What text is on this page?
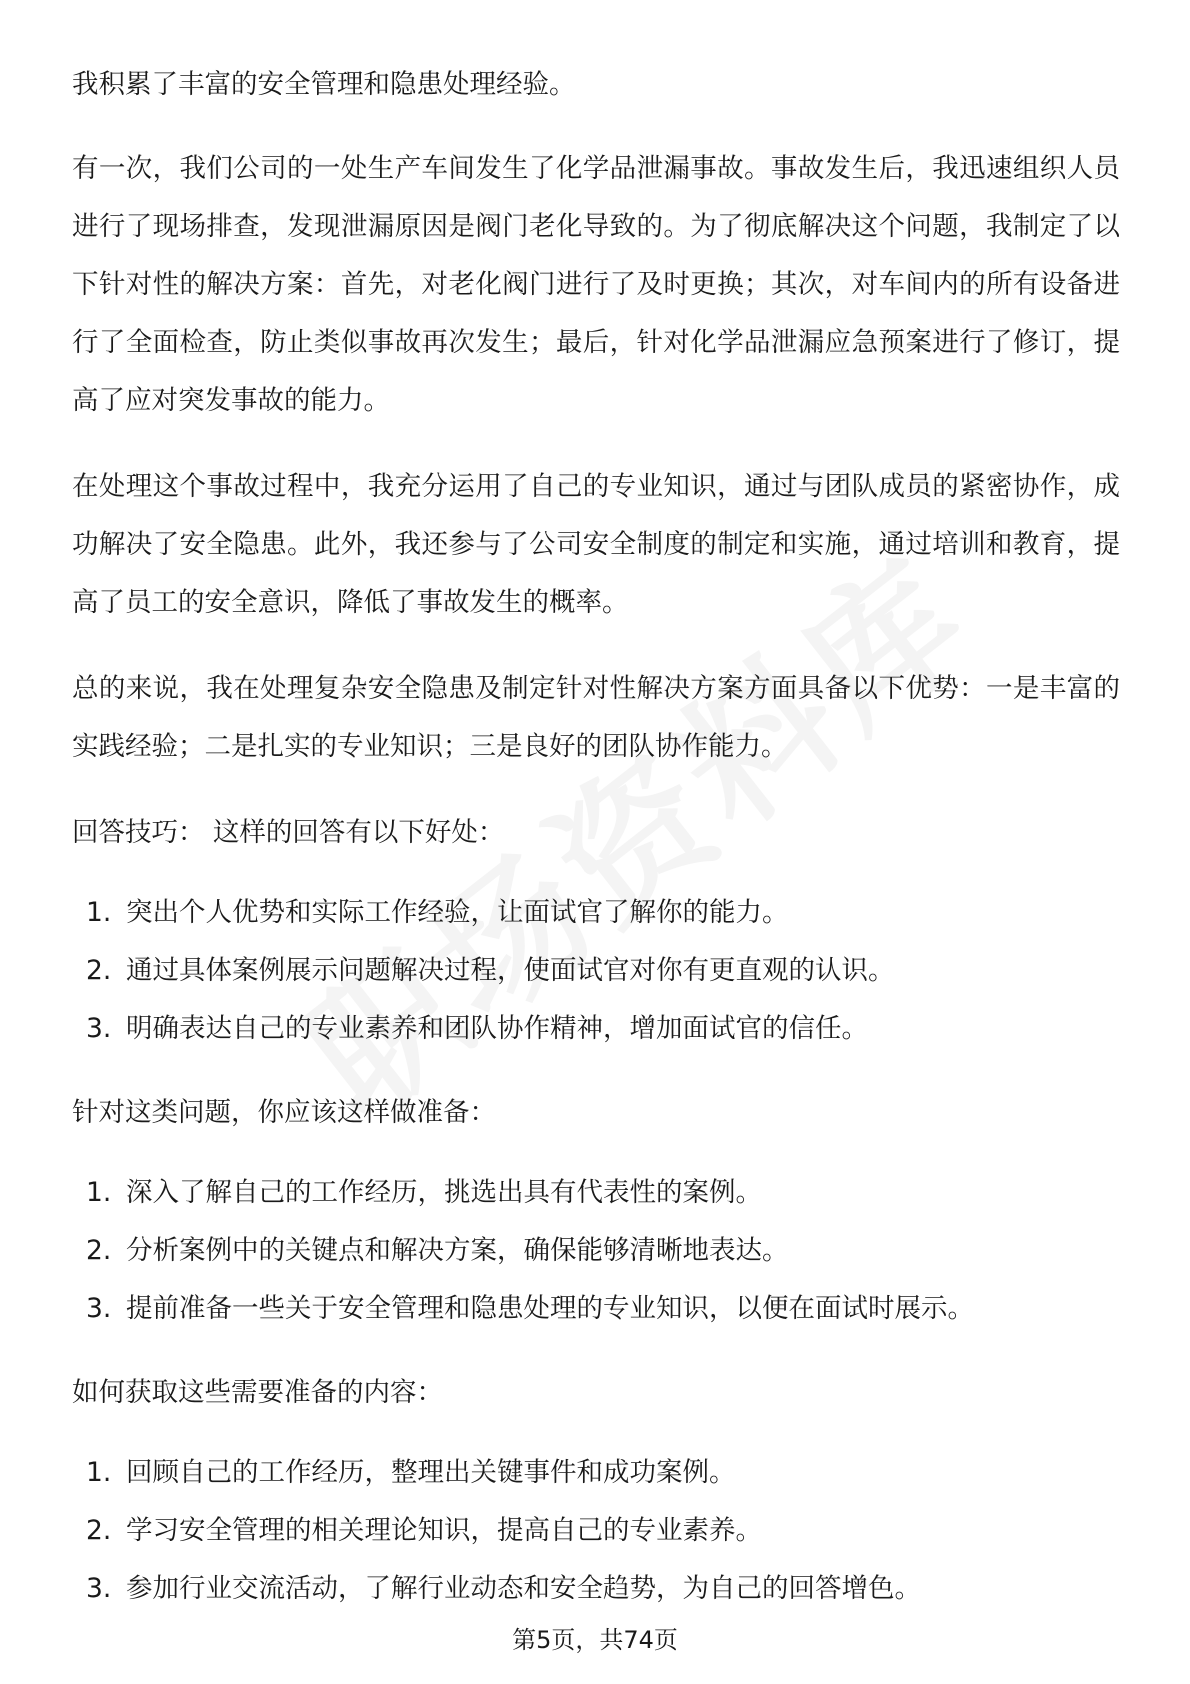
我积累了丰富的安全管理和隐患处理经验。

有一次，我们公司的一处生产车间发生了化学品泄漏事故。事故发生后，我迅速组织人员进行了现场排查，发现泄漏原因是阀门老化导致的。为了彻底解决这个问题，我制定了以下针对性的解决方案：首先，对老化阀门进行了及时更换；其次，对车间内的所有设备进行了全面检查，防止类似事故再次发生；最后，针对化学品泄漏应急预案进行了修订，提高了应对突发事故的能力。

在处理这个事故过程中，我充分运用了自己的专业知识，通过与团队成员的紧密协作，成功解决了安全隐患。此外，我还参与了公司安全制度的制定和实施，通过培训和教育，提高了员工的安全意识，降低了事故发生的概率。

总的来说，我在处理复杂安全隐患及制定针对性解决方案方面具备以下优势：一是丰富的实践经验；二是扎实的专业知识；三是良好的团队协作能力。

回答技巧： 这样的回答有以下好处：

1. 突出个人优势和实际工作经验，让面试官了解你的能力。
2. 通过具体案例展示问题解决过程，使面试官对你有更直观的认识。
3. 明确表达自己的专业素养和团队协作精神，增加面试官的信任。

针对这类问题，你应该这样做准备：

1. 深入了解自己的工作经历，挑选出具有代表性的案例。
2. 分析案例中的关键点和解决方案，确保能够清晰地表达。
3. 提前准备一些关于安全管理和隐患处理的专业知识，以便在面试时展示。

如何获取这些需要准备的内容：

1. 回顾自己的工作经历，整理出关键事件和成功案例。
2. 学习安全管理的相关理论知识，提高自己的专业素养。
3. 参加行业交流活动，了解行业动态和安全趋势，为自己的回答增色。
第5页，共74页
